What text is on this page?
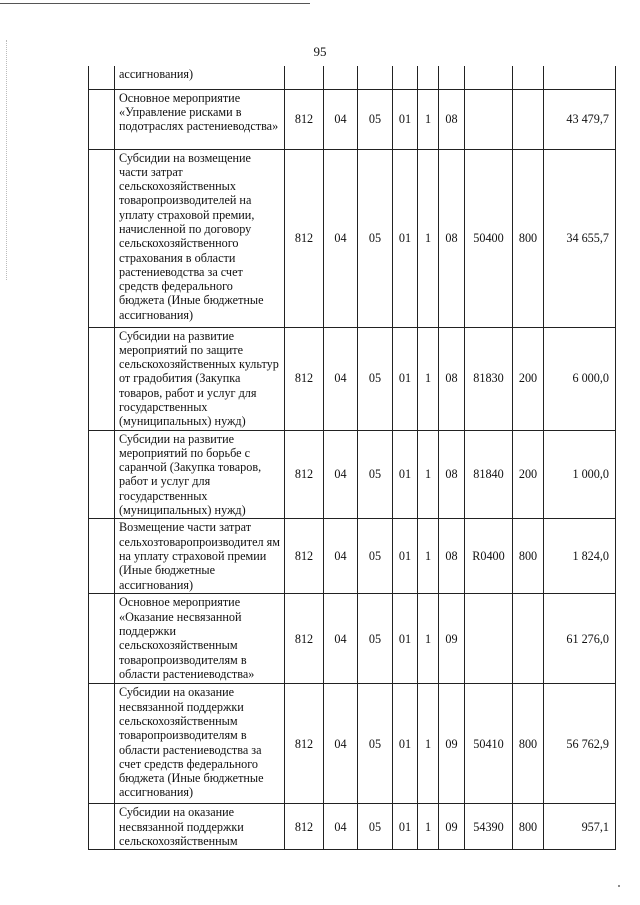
95
	ассигнования)									
	Основное мероприятие «Управление рисками в подотраслях растениеводства»	812	04	05	01	1	08			43 479,7
	Субсидии на возмещение части затрат сельскохозяйственных товаропроизводителей на уплату страховой премии, начисленной по договору сельскохозяйственного страхования в области растениеводства за счет средств федерального бюджета (Иные бюджетные ассигнования)	812	04	05	01	1	08	50400	800	34 655,7
	Субсидии на развитие мероприятий по защите сельскохозяйственных культур от градобития (Закупка товаров, работ и услуг для государственных (муниципальных) нужд)	812	04	05	01	1	08	81830	200	6 000,0
	Субсидии на развитие мероприятий по борьбе с саранчой (Закупка товаров, работ и услуг для государственных (муниципальных) нужд)	812	04	05	01	1	08	81840	200	1 000,0
	Возмещение части затрат сельхозтоваропроизводител ям на уплату страховой премии (Иные бюджетные ассигнования)	812	04	05	01	1	08	R0400	800	1 824,0
	Основное мероприятие «Оказание несвязанной поддержки сельскохозяйственным товаропроизводителям в области растениеводства»	812	04	05	01	1	09			61 276,0
	Субсидии на оказание несвязанной поддержки сельскохозяйственным товаропроизводителям в области растениеводства за счет средств федерального бюджета (Иные бюджетные ассигнования)	812	04	05	01	1	09	50410	800	56 762,9
	Субсидии на оказание несвязанной поддержки сельскохозяйственным	812	04	05	01	1	09	54390	800	957,1
